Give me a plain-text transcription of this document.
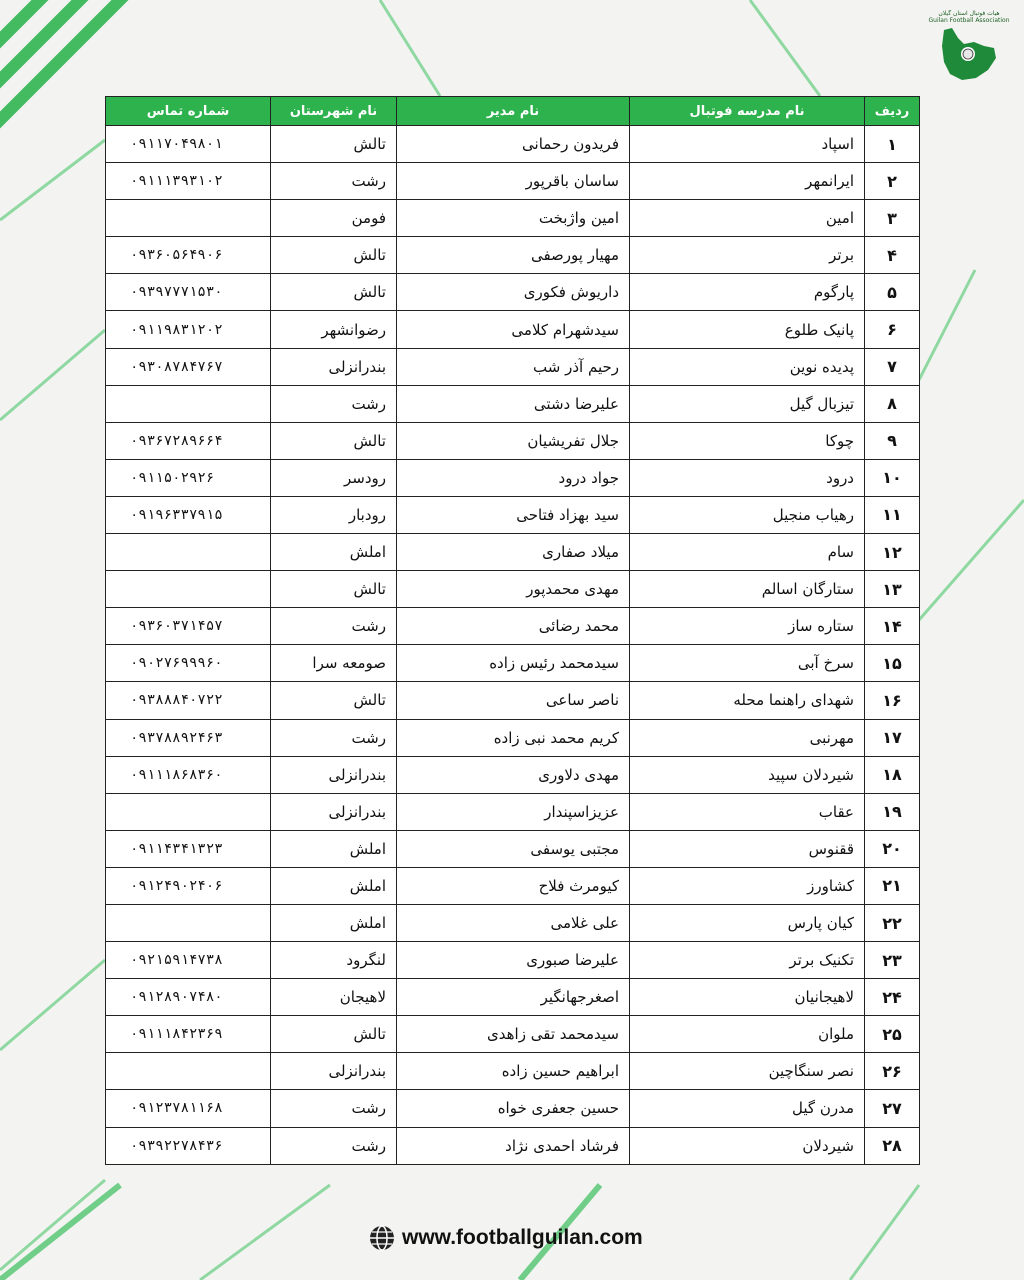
هیات فوتبال استان گیلان
Guilan Football Association
ردیف	نام مدرسه فوتبال	نام مدیر	نام شهرستان	شماره تماس
۱	اسپاد	فریدون رحمانی	تالش	۰۹۱۱۷۰۴۹۸۰۱
۲	ایرانمهر	ساسان باقرپور	رشت	۰۹۱۱۱۳۹۳۱۰۲
۳	امین	امین واژبخت	فومن	
۴	برتر	مهیار پورصفی	تالش	۰۹۳۶۰۵۶۴۹۰۶
۵	پارگوم	داریوش فکوری	تالش	۰۹۳۹۷۷۷۱۵۳۰
۶	پانیک طلوع	سیدشهرام کلامی	رضوانشهر	۰۹۱۱۹۸۳۱۲۰۲
۷	پدیده نوین	رحیم آذر شب	بندرانزلی	۰۹۳۰۸۷۸۴۷۶۷
۸	تیزبال گیل	علیرضا دشتی	رشت	
۹	چوکا	جلال تفریشیان	تالش	۰۹۳۶۷۲۸۹۶۶۴
۱۰	درود	جواد درود	رودسر	۰۹۱۱۵۰۲۹۲۶
۱۱	رهیاب منجیل	سید بهزاد فتاحی	رودبار	۰۹۱۹۶۳۳۷۹۱۵
۱۲	سام	میلاد صفاری	املش	
۱۳	ستارگان اسالم	مهدی محمدپور	تالش	
۱۴	ستاره ساز	محمد رضائی	رشت	۰۹۳۶۰۳۷۱۴۵۷
۱۵	سرخ آبی	سیدمحمد رئیس زاده	صومعه سرا	۰۹۰۲۷۶۹۹۹۶۰
۱۶	شهدای راهنما محله	ناصر ساعی	تالش	۰۹۳۸۸۸۴۰۷۲۲
۱۷	مهرنبی	کریم محمد نبی زاده	رشت	۰۹۳۷۸۸۹۲۴۶۳
۱۸	شیردلان سپید	مهدی دلاوری	بندرانزلی	۰۹۱۱۱۸۶۸۳۶۰
۱۹	عقاب	عزیزاسپندار	بندرانزلی	
۲۰	ققنوس	مجتبی یوسفی	املش	۰۹۱۱۴۳۴۱۳۲۳
۲۱	کشاورز	کیومرث فلاح	املش	۰۹۱۲۴۹۰۲۴۰۶
۲۲	کیان پارس	علی غلامی	املش	
۲۳	تکنیک برتر	علیرضا صبوری	لنگرود	۰۹۲۱۵۹۱۴۷۳۸
۲۴	لاهیجانیان	اصغرجهانگیر	لاهیجان	۰۹۱۲۸۹۰۷۴۸۰
۲۵	ملوان	سیدمحمد تقی زاهدی	تالش	۰۹۱۱۱۸۴۲۳۶۹
۲۶	نصر سنگاچین	ابراهیم حسین زاده	بندرانزلی	
۲۷	مدرن گیل	حسین جعفری خواه	رشت	۰۹۱۲۳۷۸۱۱۶۸
۲۸	شیردلان	فرشاد احمدی نژاد	رشت	۰۹۳۹۲۲۷۸۴۳۶
www.footballguilan.com
